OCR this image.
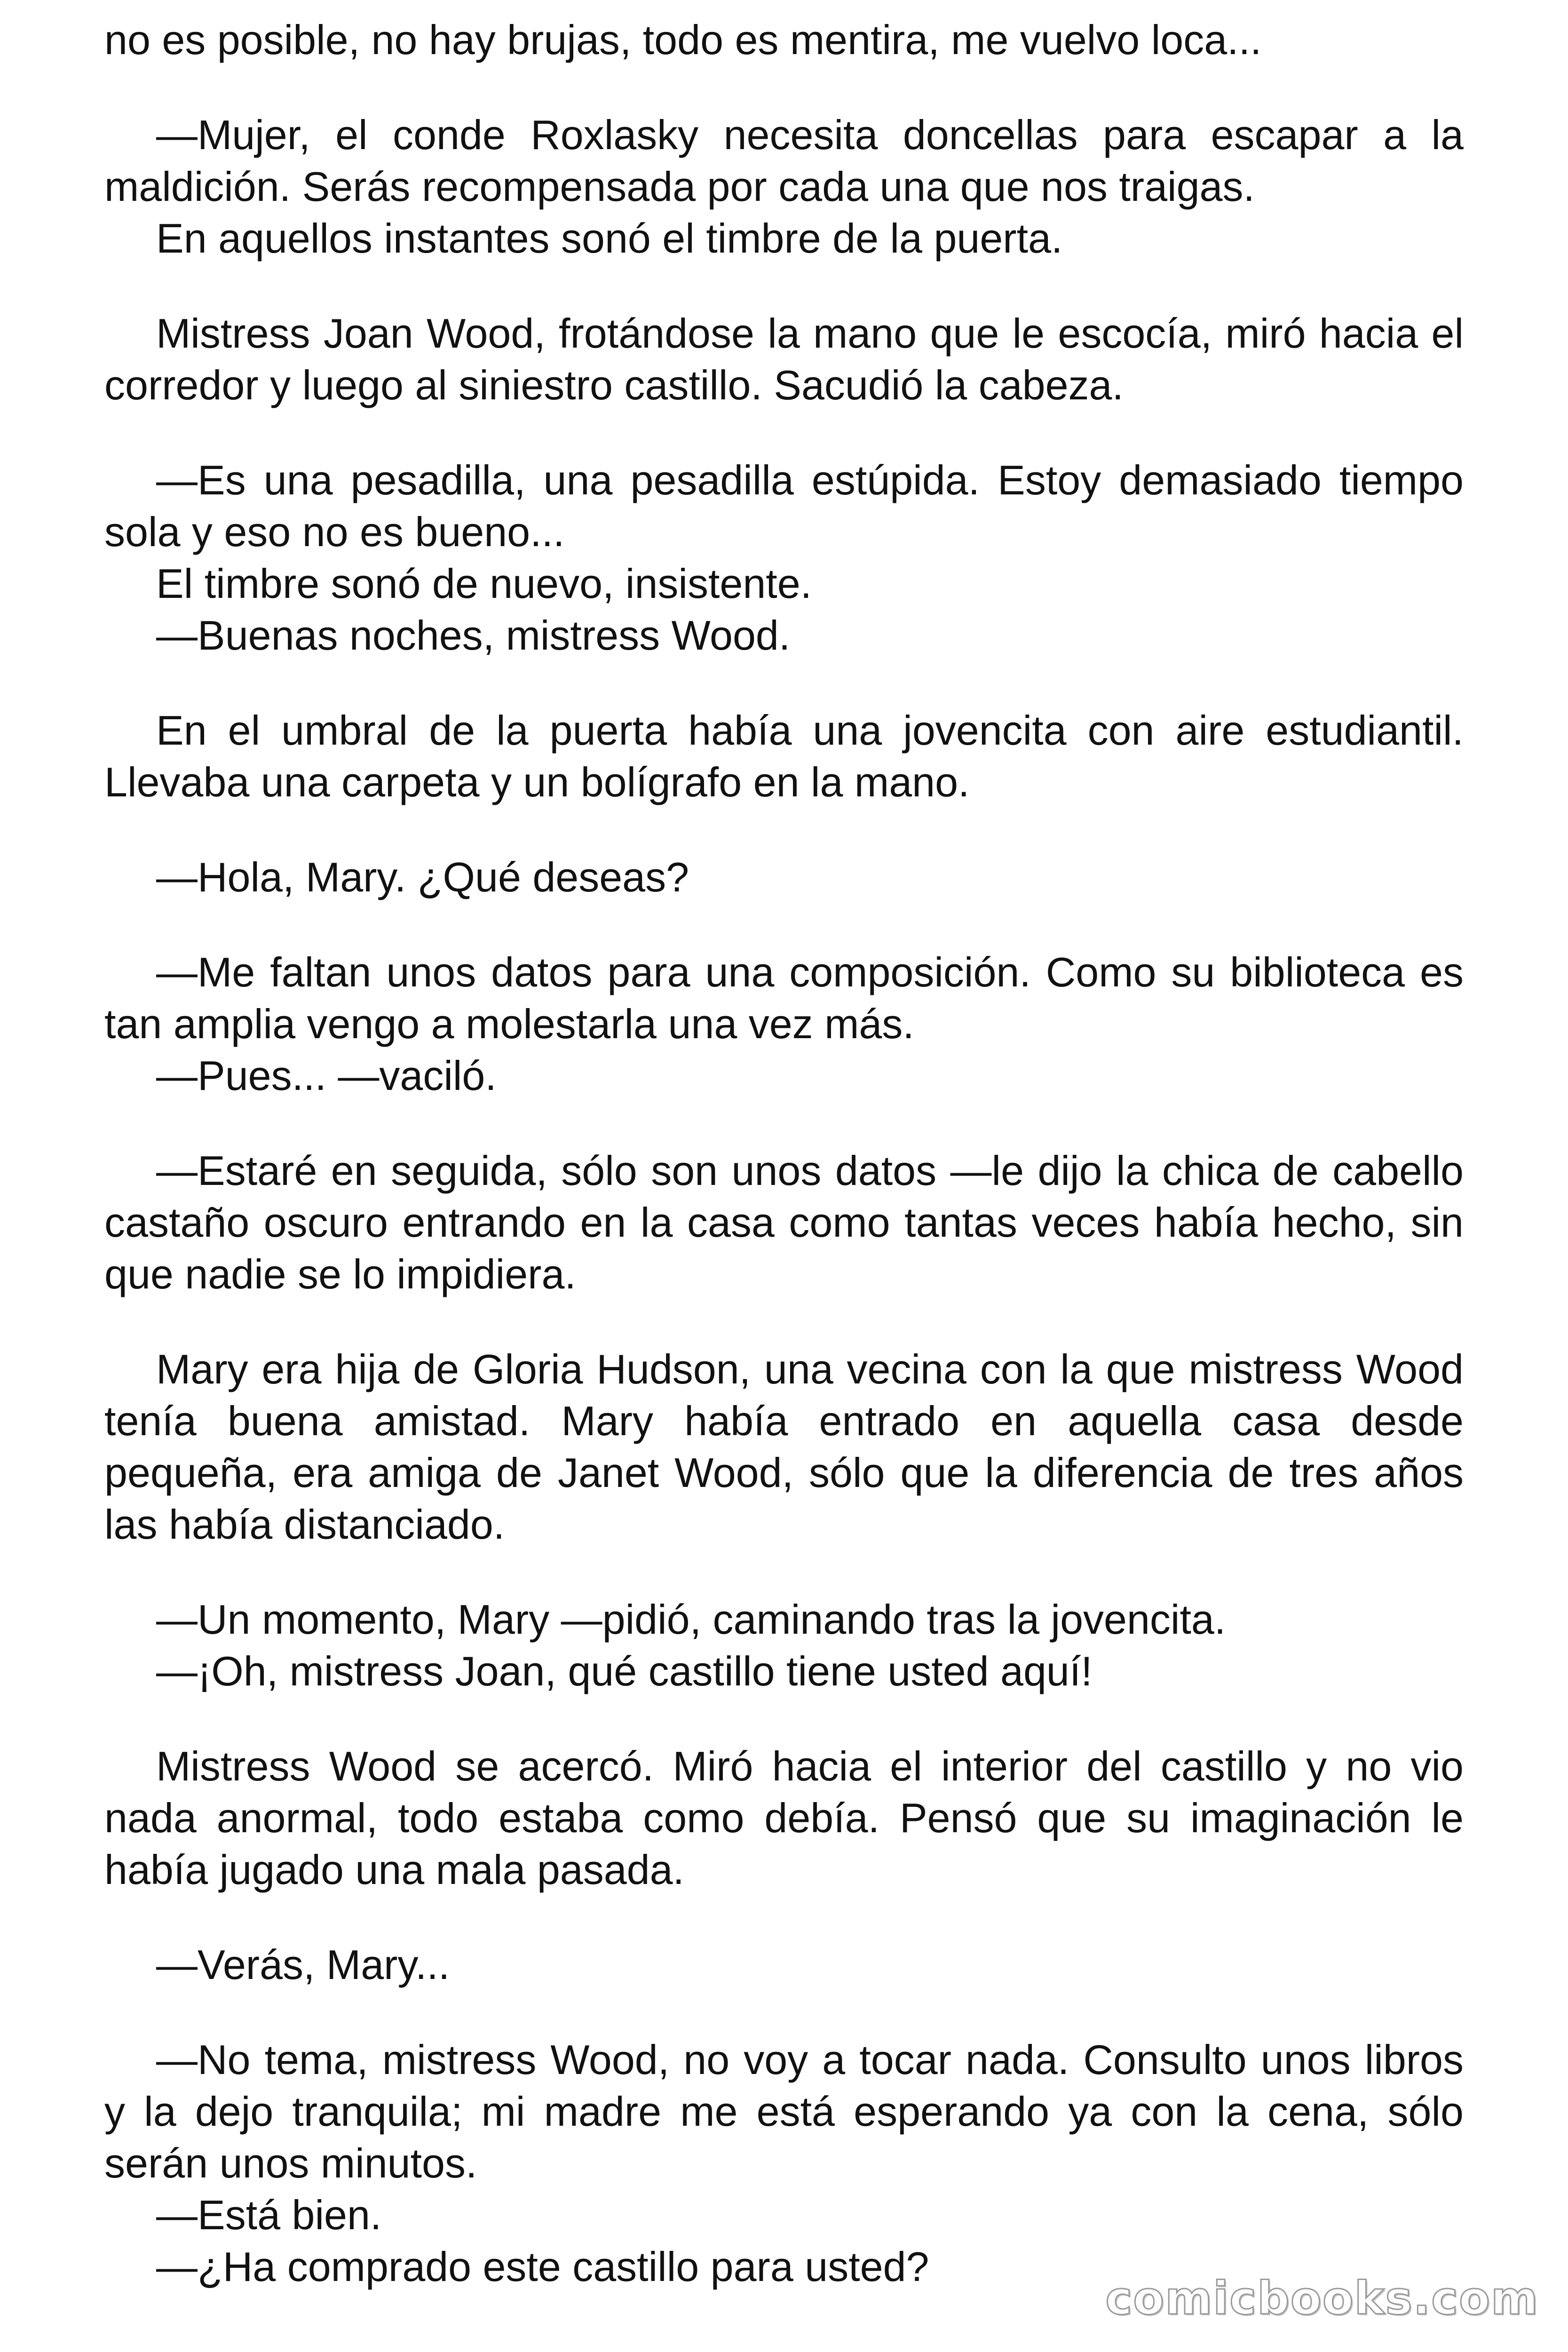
no es posible, no hay brujas, todo es mentira, me vuelvo loca...

—Mujer, el conde Roxlasky necesita doncellas para escapar a la maldición. Serás recompensada por cada una que nos traigas.

En aquellos instantes sonó el timbre de la puerta.

Mistress Joan Wood, frotándose la mano que le escocía, miró hacia el corredor y luego al siniestro castillo. Sacudió la cabeza.

—Es una pesadilla, una pesadilla estúpida. Estoy demasiado tiempo sola y eso no es bueno...

El timbre sonó de nuevo, insistente.

—Buenas noches, mistress Wood.

En el umbral de la puerta había una jovencita con aire estudiantil. Llevaba una carpeta y un bolígrafo en la mano.

—Hola, Mary. ¿Qué deseas?

—Me faltan unos datos para una composición. Como su biblioteca es tan amplia vengo a molestarla una vez más.

—Pues... —vaciló.

—Estaré en seguida, sólo son unos datos —le dijo la chica de cabello castaño oscuro entrando en la casa como tantas veces había hecho, sin que nadie se lo impidiera.

Mary era hija de Gloria Hudson, una vecina con la que mistress Wood tenía buena amistad. Mary había entrado en aquella casa desde pequeña, era amiga de Janet Wood, sólo que la diferencia de tres años las había distanciado.

—Un momento, Mary —pidió, caminando tras la jovencita.

—¡Oh, mistress Joan, qué castillo tiene usted aquí!

Mistress Wood se acercó. Miró hacia el interior del castillo y no vio nada anormal, todo estaba como debía. Pensó que su imaginación le había jugado una mala pasada.

—Verás, Mary...

—No tema, mistress Wood, no voy a tocar nada. Consulto unos libros y la dejo tranquila; mi madre me está esperando ya con la cena, sólo serán unos minutos.

—Está bien.

—¿Ha comprado este castillo para usted?

comicbooks.com
